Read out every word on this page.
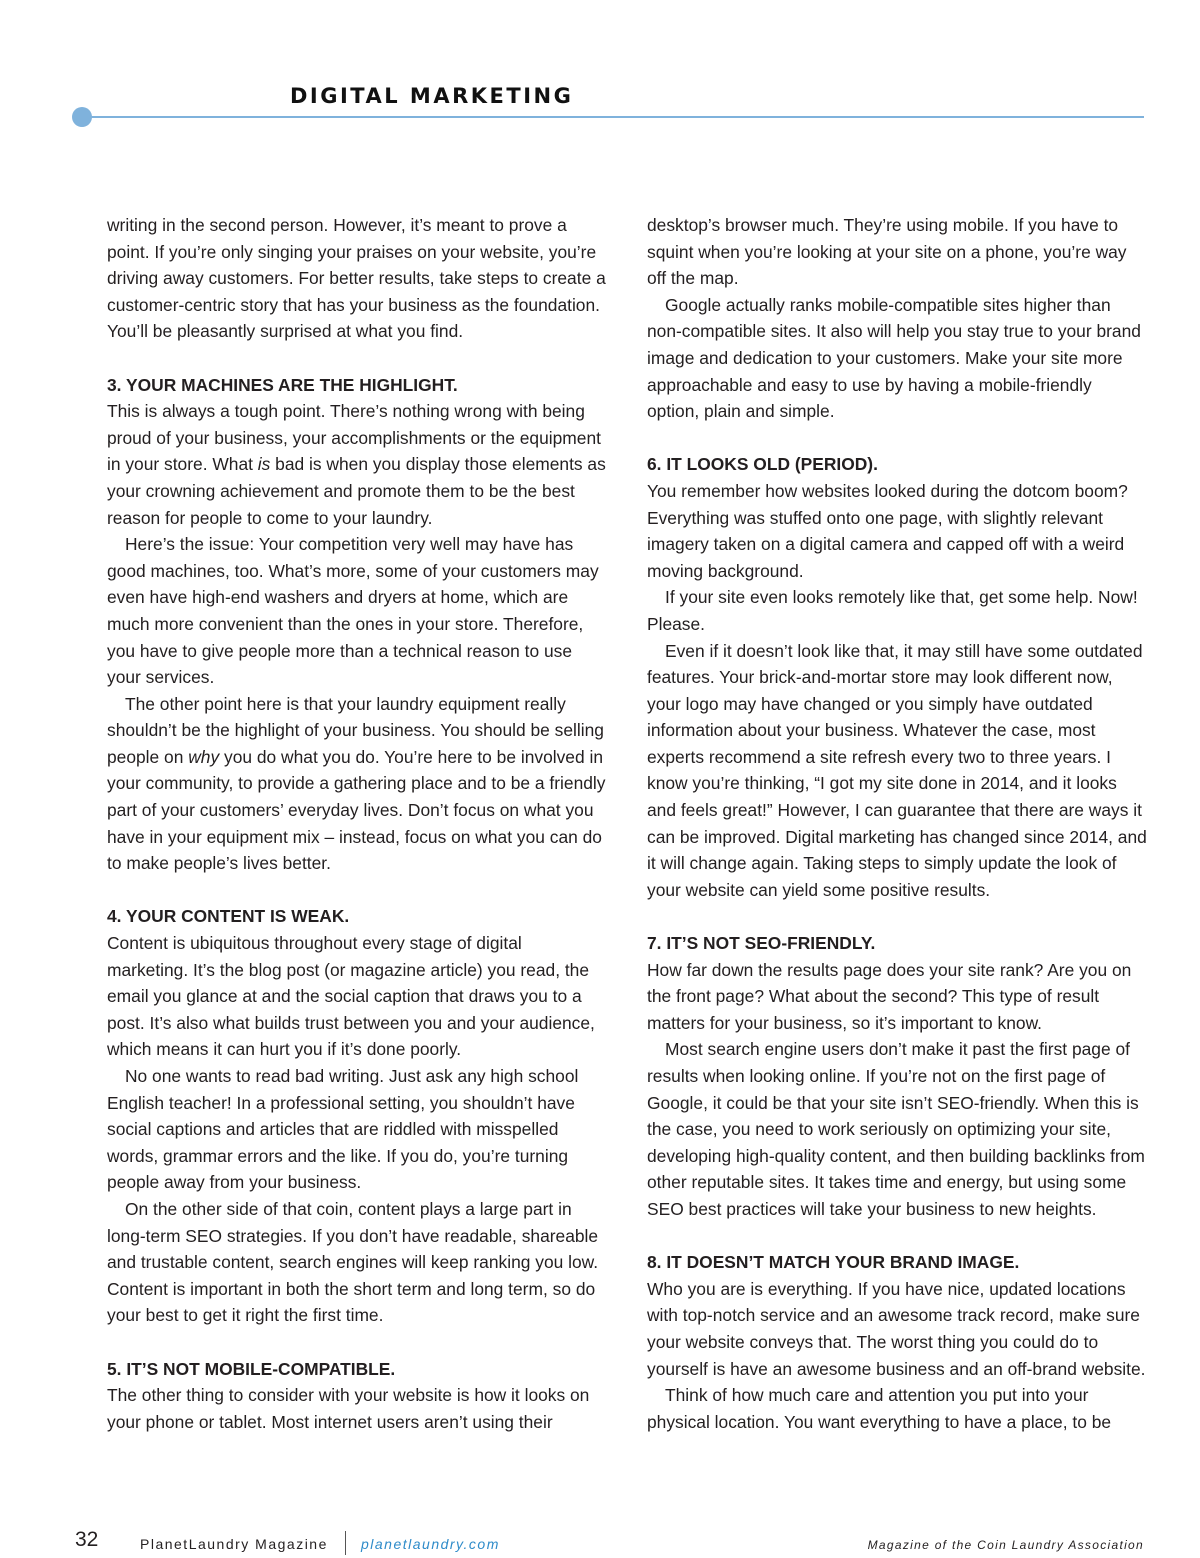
DIGITAL MARKETING

writing in the second person. However, it’s meant to prove a point. If you’re only singing your praises on your website, you’re driving away customers. For better results, take steps to create a customer-centric story that has your business as the foundation. You’ll be pleasantly surprised at what you find.

3. YOUR MACHINES ARE THE HIGHLIGHT.

This is always a tough point. There’s nothing wrong with being proud of your business, your accomplishments or the equipment in your store. What is bad is when you display those elements as your crowning achievement and promote them to be the best reason for people to come to your laundry.

Here’s the issue: Your competition very well may have has good machines, too. What’s more, some of your customers may even have high-end washers and dryers at home, which are much more convenient than the ones in your store. Therefore, you have to give people more than a technical reason to use your services.

The other point here is that your laundry equipment really shouldn’t be the highlight of your business. You should be selling people on why you do what you do. You’re here to be involved in your community, to provide a gathering place and to be a friendly part of your customers’ everyday lives. Don’t focus on what you have in your equipment mix – instead, focus on what you can do to make people’s lives better.

4. YOUR CONTENT IS WEAK.

Content is ubiquitous throughout every stage of digital marketing. It’s the blog post (or magazine article) you read, the email you glance at and the social caption that draws you to a post. It’s also what builds trust between you and your audience, which means it can hurt you if it’s done poorly.

No one wants to read bad writing. Just ask any high school English teacher! In a professional setting, you shouldn’t have social captions and articles that are riddled with misspelled words, grammar errors and the like. If you do, you’re turning people away from your business.

On the other side of that coin, content plays a large part in long-term SEO strategies. If you don’t have readable, shareable and trustable content, search engines will keep ranking you low. Content is important in both the short term and long term, so do your best to get it right the first time.

5. IT’S NOT MOBILE-COMPATIBLE.

The other thing to consider with your website is how it looks on your phone or tablet. Most internet users aren’t using their

desktop’s browser much. They’re using mobile. If you have to squint when you’re looking at your site on a phone, you’re way off the map.

Google actually ranks mobile-compatible sites higher than non-compatible sites. It also will help you stay true to your brand image and dedication to your customers. Make your site more approachable and easy to use by having a mobile-friendly option, plain and simple.

6. IT LOOKS OLD (PERIOD).

You remember how websites looked during the dotcom boom? Everything was stuffed onto one page, with slightly relevant imagery taken on a digital camera and capped off with a weird moving background.

If your site even looks remotely like that, get some help. Now! Please.

Even if it doesn’t look like that, it may still have some outdated features. Your brick-and-mortar store may look different now, your logo may have changed or you simply have outdated information about your business. Whatever the case, most experts recommend a site refresh every two to three years. I know you’re thinking, “I got my site done in 2014, and it looks and feels great!” However, I can guarantee that there are ways it can be improved. Digital marketing has changed since 2014, and it will change again. Taking steps to simply update the look of your website can yield some positive results.

7. IT’S NOT SEO-FRIENDLY.

How far down the results page does your site rank? Are you on the front page? What about the second? This type of result matters for your business, so it’s important to know.

Most search engine users don’t make it past the first page of results when looking online. If you’re not on the first page of Google, it could be that your site isn’t SEO-friendly. When this is the case, you need to work seriously on optimizing your site, developing high-quality content, and then building backlinks from other reputable sites. It takes time and energy, but using some SEO best practices will take your business to new heights.

8. IT DOESN’T MATCH YOUR BRAND IMAGE.

Who you are is everything. If you have nice, updated locations with top-notch service and an awesome track record, make sure your website conveys that. The worst thing you could do to yourself is have an awesome business and an off-brand website.

Think of how much care and attention you put into your physical location. You want everything to have a place, to be

32	PlanetLaundry Magazine planetlaundry.com	Magazine of the Coin Laundry Association
